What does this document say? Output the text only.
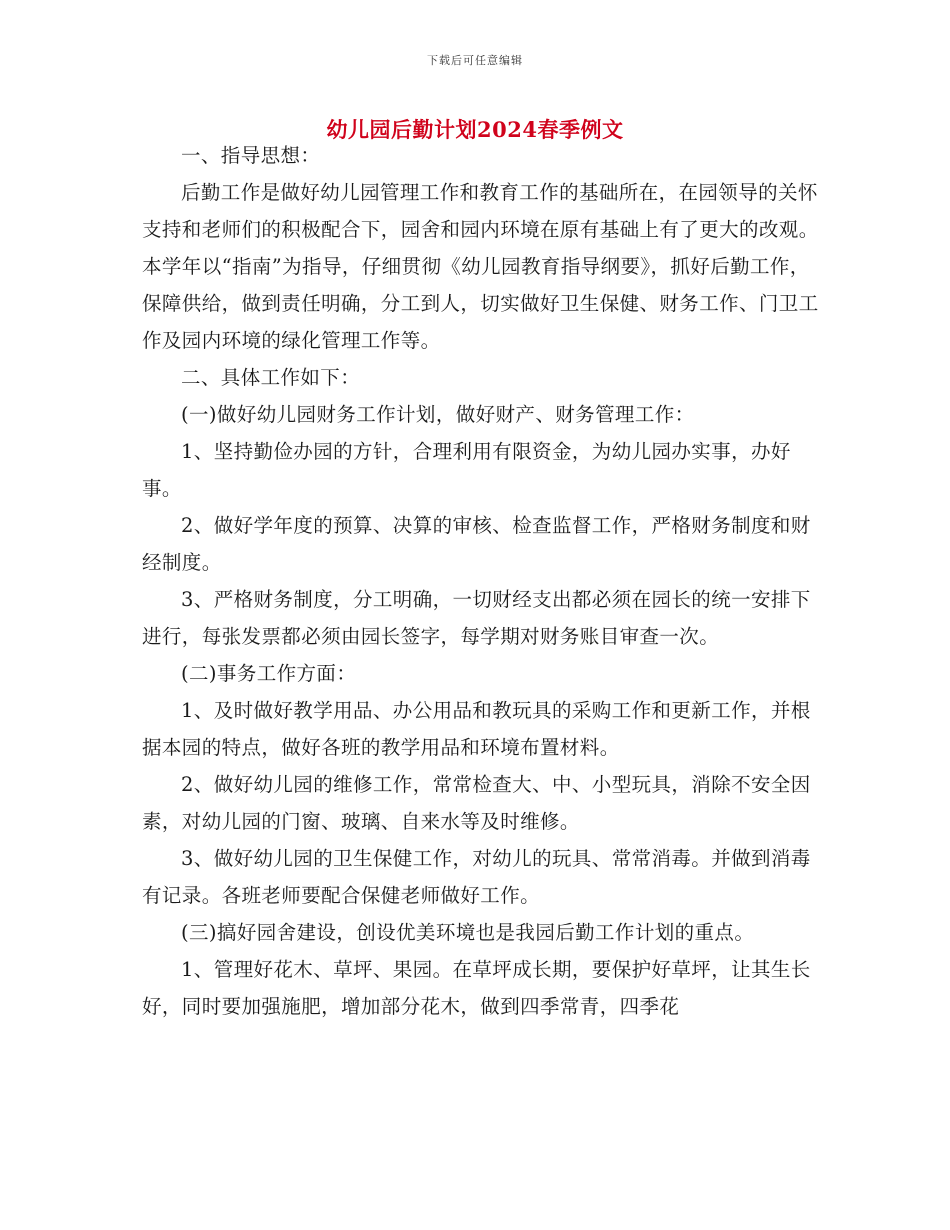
下载后可任意编辑
幼儿园后勤计划2024春季例文

一、指导思想：

后勤工作是做好幼儿园管理工作和教育工作的基础所在，在园领导的关怀支持和老师们的积极配合下，园舍和园内环境在原有基础上有了更大的改观。本学年以“指南”为指导，仔细贯彻《幼儿园教育指导纲要》，抓好后勤工作，保障供给，做到责任明确，分工到人，切实做好卫生保健、财务工作、门卫工作及园内环境的绿化管理工作等。

二、具体工作如下：

(一)做好幼儿园财务工作计划，做好财产、财务管理工作：

1、坚持勤俭办园的方针，合理利用有限资金，为幼儿园办实事，办好事。

2、做好学年度的预算、决算的审核、检查监督工作，严格财务制度和财经制度。

3、严格财务制度，分工明确，一切财经支出都必须在园长的统一安排下进行，每张发票都必须由园长签字，每学期对财务账目审查一次。

(二)事务工作方面：

1、及时做好教学用品、办公用品和教玩具的采购工作和更新工作，并根据本园的特点，做好各班的教学用品和环境布置材料。

2、做好幼儿园的维修工作，常常检查大、中、小型玩具，消除不安全因素，对幼儿园的门窗、玻璃、自来水等及时维修。

3、做好幼儿园的卫生保健工作，对幼儿的玩具、常常消毒。并做到消毒有记录。各班老师要配合保健老师做好工作。

(三)搞好园舍建设，创设优美环境也是我园后勤工作计划的重点。

1、管理好花木、草坪、果园。在草坪成长期，要保护好草坪，让其生长好，同时要加强施肥，增加部分花木，做到四季常青，四季花
